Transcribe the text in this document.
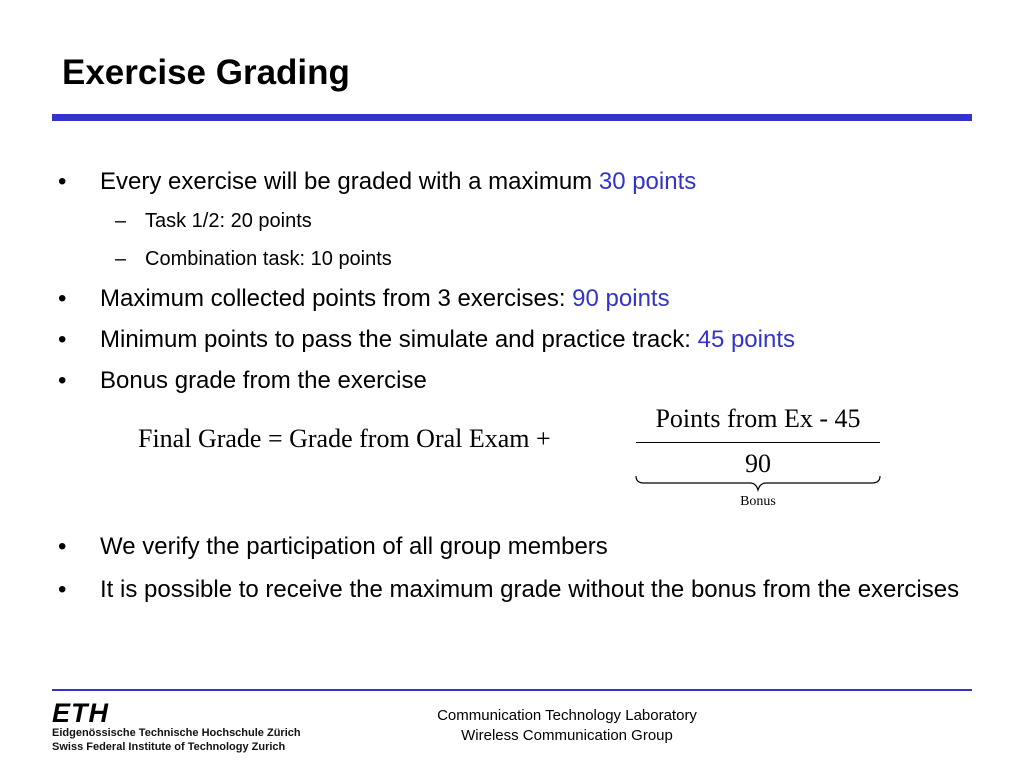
Exercise Grading
• Every exercise will be graded with a maximum 30 points
– Task 1/2: 20 points
– Combination task: 10 points
• Maximum collected points from 3 exercises: 90 points
• Minimum points to pass the simulate and practice track: 45 points
• Bonus grade from the exercise
Final Grade = Grade from Oral Exam +
Points from Ex - 45
90
Bonus
• We verify the participation of all group members
• It is possible to receive the maximum grade without the bonus from the exercises
ETH
Eidgenössische Technische Hochschule Zürich
Swiss Federal Institute of Technology Zurich
Communication Technology Laboratory
Wireless Communication Group
